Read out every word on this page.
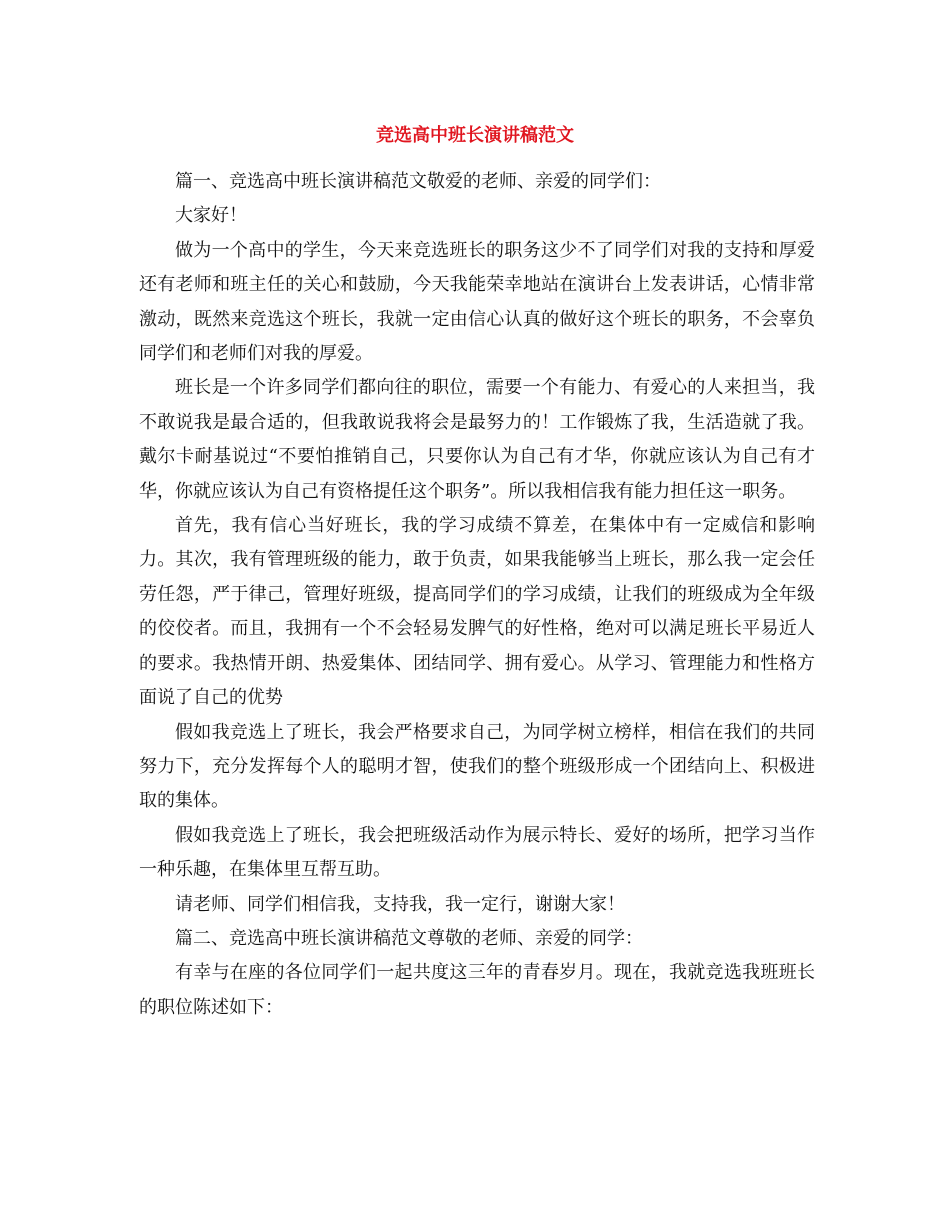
竞选高中班长演讲稿范文

篇一、竞选高中班长演讲稿范文敬爱的老师、亲爱的同学们：

大家好！

做为一个高中的学生，今天来竞选班长的职务这少不了同学们对我的支持和厚爱还有老师和班主任的关心和鼓励，今天我能荣幸地站在演讲台上发表讲话，心情非常激动，既然来竞选这个班长，我就一定由信心认真的做好这个班长的职务，不会辜负同学们和老师们对我的厚爱。

班长是一个许多同学们都向往的职位，需要一个有能力、有爱心的人来担当，我不敢说我是最合适的，但我敢说我将会是最努力的！工作锻炼了我，生活造就了我。戴尔卡耐基说过“不要怕推销自己，只要你认为自己有才华，你就应该认为自己有才华，你就应该认为自己有资格提任这个职务”。所以我相信我有能力担任这一职务。

首先，我有信心当好班长，我的学习成绩不算差，在集体中有一定威信和影响力。其次，我有管理班级的能力，敢于负责，如果我能够当上班长，那么我一定会任劳任怨，严于律己，管理好班级，提高同学们的学习成绩，让我们的班级成为全年级的佼佼者。而且，我拥有一个不会轻易发脾气的好性格，绝对可以满足班长平易近人的要求。我热情开朗、热爱集体、团结同学、拥有爱心。从学习、管理能力和性格方面说了自己的优势

假如我竞选上了班长，我会严格要求自己，为同学树立榜样，相信在我们的共同努力下，充分发挥每个人的聪明才智，使我们的整个班级形成一个团结向上、积极进取的集体。

假如我竞选上了班长，我会把班级活动作为展示特长、爱好的场所，把学习当作一种乐趣，在集体里互帮互助。

请老师、同学们相信我，支持我，我一定行，谢谢大家！

篇二、竞选高中班长演讲稿范文尊敬的老师、亲爱的同学：

有幸与在座的各位同学们一起共度这三年的青春岁月。现在，我就竞选我班班长的职位陈述如下：
